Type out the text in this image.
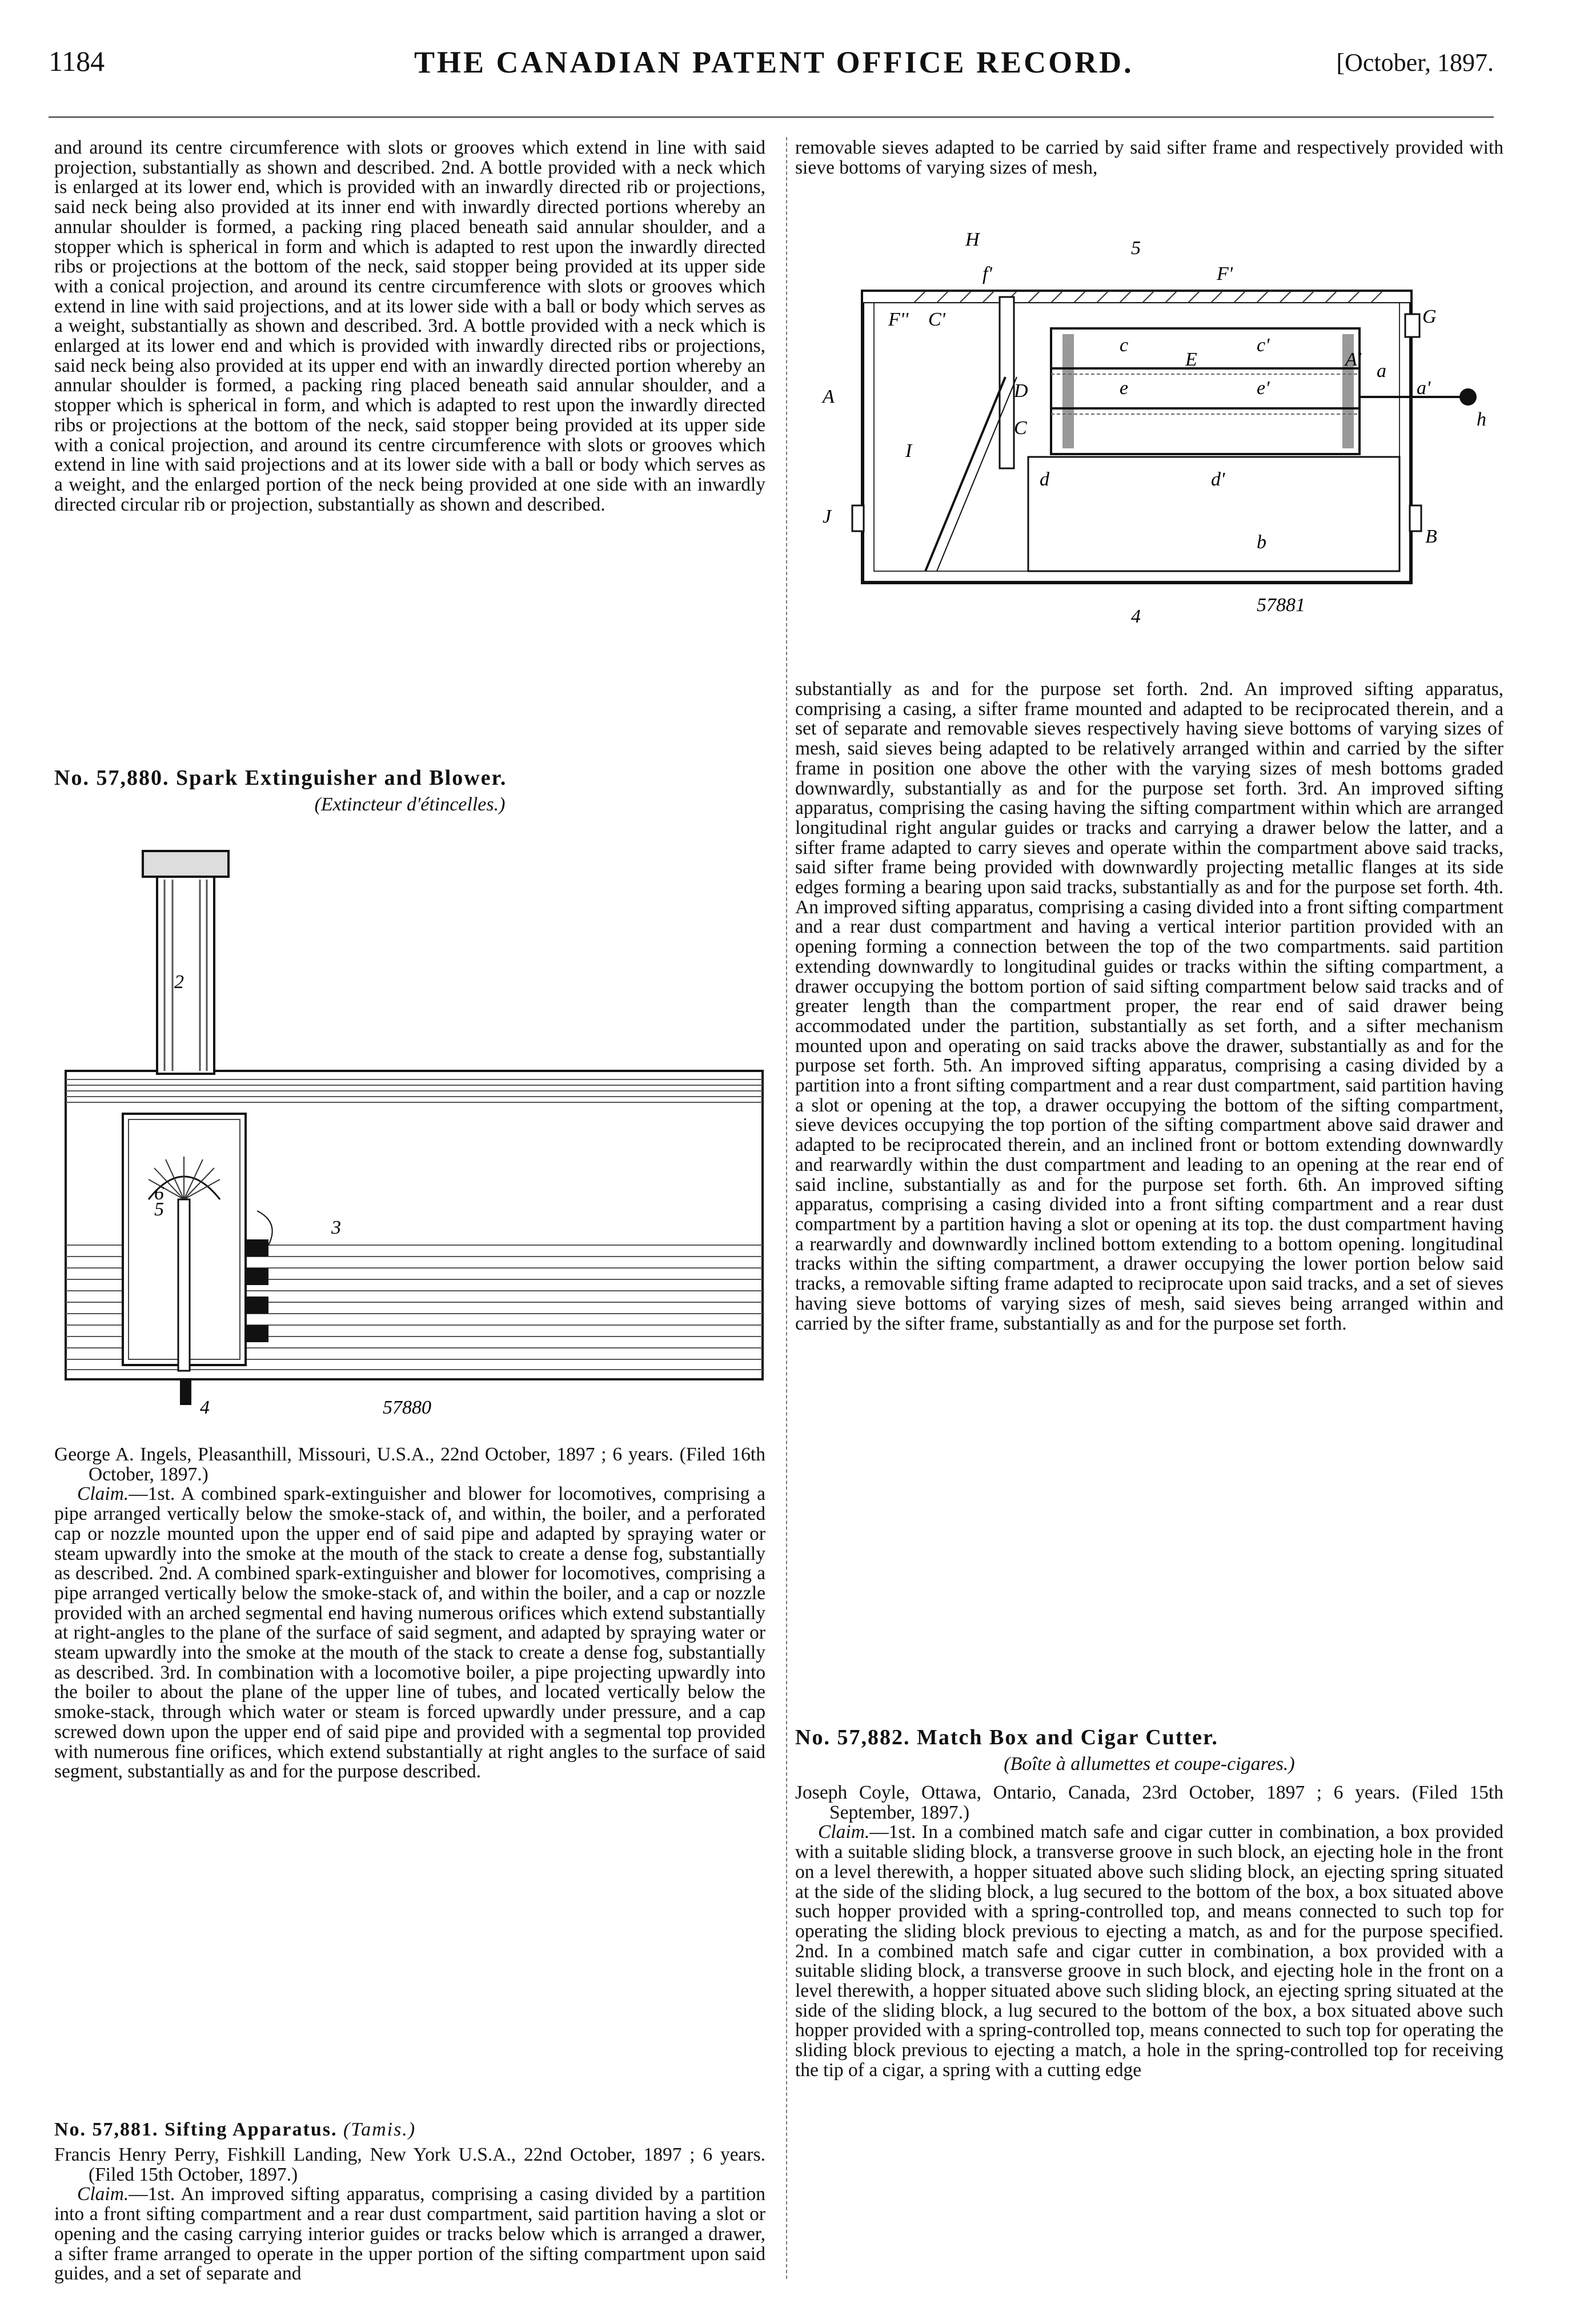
1184	THE CANADIAN PATENT OFFICE RECORD.	[October, 1897.

and around its centre circumference with slots or grooves which extend in line with said projection, substantially as shown and described. 2nd. A bottle provided with a neck which is enlarged at its lower end, which is provided with an inwardly directed rib or projections, said neck being also provided at its inner end with inwardly directed portions whereby an annular shoulder is formed, a packing ring placed beneath said annular shoulder, and a stopper which is spherical in form and which is adapted to rest upon the inwardly directed ribs or projections at the bottom of the neck, said stopper being provided at its upper side with a conical projection, and around its centre circumference with slots or grooves which extend in line with said projections, and at its lower side with a ball or body which serves as a weight, substantially as shown and described. 3rd. A bottle provided with a neck which is enlarged at its lower end and which is provided with inwardly directed ribs or projections, said neck being also provided at its upper end with an inwardly directed portion whereby an annular shoulder is formed, a packing ring placed beneath said annular shoulder, and a stopper which is spherical in form, and which is adapted to rest upon the inwardly directed ribs or projections at the bottom of the neck, said stopper being provided at its upper side with a conical projection, and around its centre circumference with slots or grooves which extend in line with said projections and at its lower side with a ball or body which serves as a weight, and the enlarged portion of the neck being provided at one side with an inwardly directed circular rib or projection, substantially as shown and described.

No. 57,880. Spark Extinguisher and Blower.

(Extincteur d'étincelles.)

2
6
5
3
4	57880

George A. Ingels, Pleasanthill, Missouri, U.S.A., 22nd October, 1897 ; 6 years. (Filed 16th October, 1897.)

Claim.—1st. A combined spark-extinguisher and blower for locomotives, comprising a pipe arranged vertically below the smoke-stack of, and within, the boiler, and a perforated cap or nozzle mounted upon the upper end of said pipe and adapted by spraying water or steam upwardly into the smoke at the mouth of the stack to create a dense fog, substantially as described. 2nd. A combined spark-extinguisher and blower for locomotives, comprising a pipe arranged vertically below the smoke-stack of, and within the boiler, and a cap or nozzle provided with an arched segmental end having numerous orifices which extend substantially at right-angles to the plane of the surface of said segment, and adapted by spraying water or steam upwardly into the smoke at the mouth of the stack to create a dense fog, substantially as described. 3rd. In combination with a locomotive boiler, a pipe projecting upwardly into the boiler to about the plane of the upper line of tubes, and located vertically below the smoke-stack, through which water or steam is forced upwardly under pressure, and a cap screwed down upon the upper end of said pipe and provided with a segmental top provided with numerous fine orifices, which extend substantially at right angles to the surface of said segment, substantially as and for the purpose described.

No. 57,881. Sifting Apparatus. (Tamis.)

Francis Henry Perry, Fishkill Landing, New York U.S.A., 22nd October, 1897 ; 6 years. (Filed 15th October, 1897.)

Claim.—1st. An improved sifting apparatus, comprising a casing divided by a partition into a front sifting compartment and a rear dust compartment, said partition having a slot or opening and the casing carrying interior guides or tracks below which is arranged a drawer, a sifter frame arranged to operate in the upper portion of the sifting compartment upon said guides, and a set of separate and

removable sieves adapted to be carried by said sifter frame and respectively provided with sieve bottoms of varying sizes of mesh,

H
f'
5
F'
F'' C'
A'
A	D
E
C
c	c'
e	e'
d	d'
a'
a
J
B
b
G
I
h
4
57881

substantially as and for the purpose set forth. 2nd. An improved sifting apparatus, comprising a casing, a sifter frame mounted and adapted to be reciprocated therein, and a set of separate and removable sieves respectively having sieve bottoms of varying sizes of mesh, said sieves being adapted to be relatively arranged within and carried by the sifter frame in position one above the other with the varying sizes of mesh bottoms graded downwardly, substantially as and for the purpose set forth. 3rd. An improved sifting apparatus, comprising the casing having the sifting compartment within which are arranged longitudinal right angular guides or tracks and carrying a drawer below the latter, and a sifter frame adapted to carry sieves and operate within the compartment above said tracks, said sifter frame being provided with downwardly projecting metallic flanges at its side edges forming a bearing upon said tracks, substantially as and for the purpose set forth. 4th. An improved sifting apparatus, comprising a casing divided into a front sifting compartment and a rear dust compartment and having a vertical interior partition provided with an opening forming a connection between the top of the two compartments. said partition extending downwardly to longitudinal guides or tracks within the sifting compartment, a drawer occupying the bottom portion of said sifting compartment below said tracks and of greater length than the compartment proper, the rear end of said drawer being accommodated under the partition, substantially as set forth, and a sifter mechanism mounted upon and operating on said tracks above the drawer, substantially as and for the purpose set forth. 5th. An improved sifting apparatus, comprising a casing divided by a partition into a front sifting compartment and a rear dust compartment, said partition having a slot or opening at the top, a drawer occupying the bottom of the sifting compartment, sieve devices occupying the top portion of the sifting compartment above said drawer and adapted to be reciprocated therein, and an inclined front or bottom extending downwardly and rearwardly within the dust compartment and leading to an opening at the rear end of said incline, substantially as and for the purpose set forth. 6th. An improved sifting apparatus, comprising a casing divided into a front sifting compartment and a rear dust compartment by a partition having a slot or opening at its top. the dust compartment having a rearwardly and downwardly inclined bottom extending to a bottom opening. longitudinal tracks within the sifting compartment, a drawer occupying the lower portion below said tracks, a removable sifting frame adapted to reciprocate upon said tracks, and a set of sieves having sieve bottoms of varying sizes of mesh, said sieves being arranged within and carried by the sifter frame, substantially as and for the purpose set forth.

No. 57,882. Match Box and Cigar Cutter.

(Boîte à allumettes et coupe-cigares.)

Joseph Coyle, Ottawa, Ontario, Canada, 23rd October, 1897 ; 6 years. (Filed 15th September, 1897.)

Claim.—1st. In a combined match safe and cigar cutter in combination, a box provided with a suitable sliding block, a transverse groove in such block, an ejecting hole in the front on a level therewith, a hopper situated above such sliding block, an ejecting spring situated at the side of the sliding block, a lug secured to the bottom of the box, a box situated above such hopper provided with a spring-controlled top, and means connected to such top for operating the sliding block previous to ejecting a match, as and for the purpose specified. 2nd. In a combined match safe and cigar cutter in combination, a box provided with a suitable sliding block, a transverse groove in such block, and ejecting hole in the front on a level therewith, a hopper situated above such sliding block, an ejecting spring situated at the side of the sliding block, a lug secured to the bottom of the box, a box situated above such hopper provided with a spring-controlled top, means connected to such top for operating the sliding block previous to ejecting a match, a hole in the spring-controlled top for receiving the tip of a cigar, a spring with a cutting edge
